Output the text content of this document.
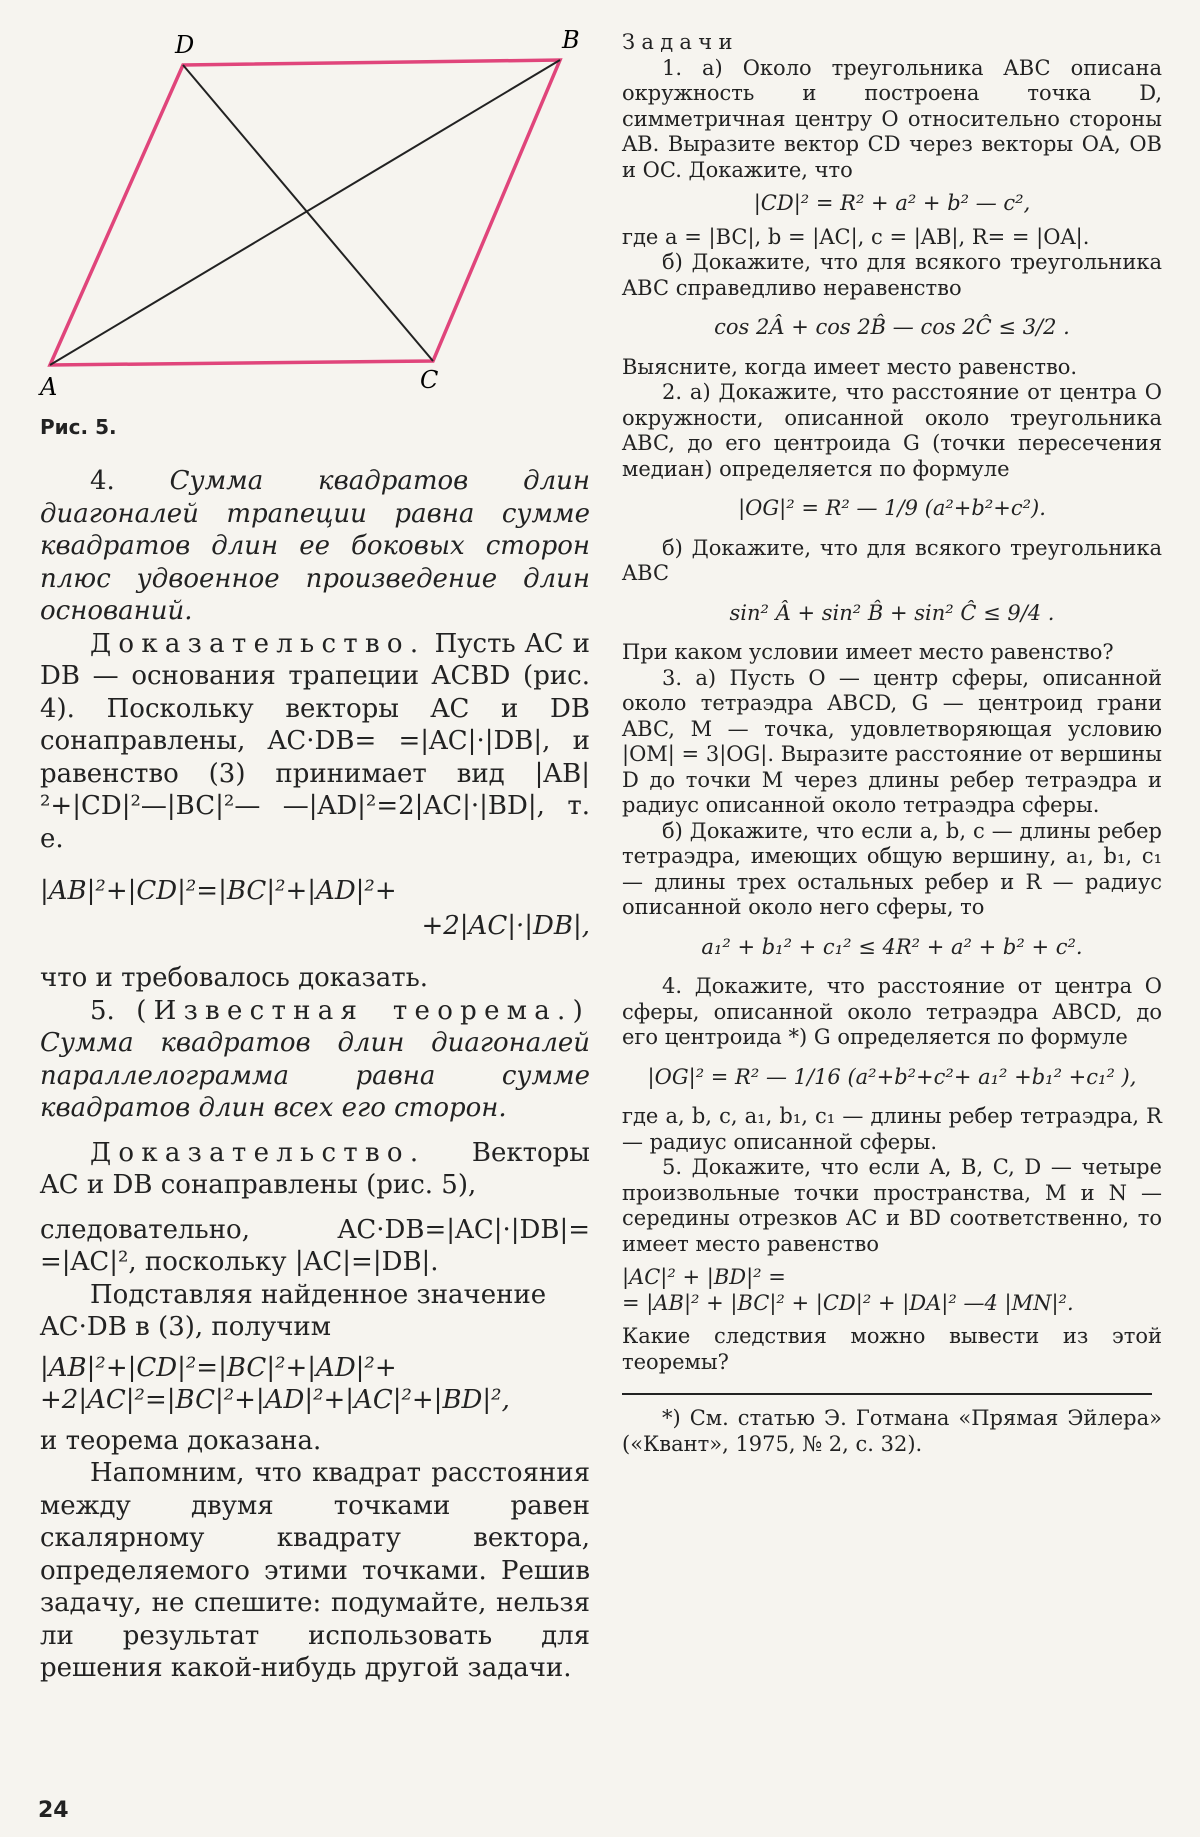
D	B
A	C
Рис. 5.

4. Сумма квадратов длин диагоналей трапеции равна сумме квадратов длин ее боковых сторон плюс удвоенное произведение длин оснований.

Доказательство. Пусть AC и DB — основания трапеции ACBD (рис. 4). Поскольку векторы AC и DB сонаправлены, AC·DB= =|AC|·|DB|, и равенство (3) принимает вид |AB|²+|CD|²—|BC|²— —|AD|²=2|AC|·|BD|, т. е.

|AB|²+|CD|²=|BC|²+|AD|²+

+2|AC|·|DB|,

что и требовалось доказать.

5. (Известная теорема.) Сумма квадратов длин диагоналей параллелограмма равна сумме квадратов длин всех его сторон.

Доказательство. Векторы AC и DB сонаправлены (рис. 5),

следовательно, AC·DB=|AC|·|DB|= =|AC|², поскольку |AC|=|DB|.

Подставляя найденное значение

AC·DB в (3), получим

|AB|²+|CD|²=|BC|²+|AD|²+

+2|AC|²=|BC|²+|AD|²+|AC|²+|BD|²,

и теорема доказана.

Напомним, что квадрат расстояния между двумя точками равен скалярному квадрату вектора, определяемого этими точками. Решив задачу, не спешите: подумайте, нельзя ли результат использовать для решения какой-нибудь другой задачи.

Задачи

1. а) Около треугольника ABC описана окружность и построена точка D, симметричная центру O относительно стороны AB. Выразите вектор CD через векторы OA, OB и OC. Докажите, что

|CD|² = R² + a² + b² — c²,

где a = |BC|, b = |AC|, c = |AB|, R= = |OA|.

б) Докажите, что для всякого треугольника ABC справедливо неравенство

cos 2Â + cos 2B̂ — cos 2Ĉ ≤ 3/2 .

Выясните, когда имеет место равенство.

2. а) Докажите, что расстояние от центра O окружности, описанной около треугольника ABC, до его центроида G (точки пересечения медиан) определяется по формуле

|OG|² = R² — 1/9 (a²+b²+c²).

б) Докажите, что для всякого треугольника ABC

sin² Â + sin² B̂ + sin² Ĉ ≤ 9/4 .

При каком условии имеет место равенство?

3. а) Пусть O — центр сферы, описанной около тетраэдра ABCD, G — центроид грани ABC, M — точка, удовлетворяющая условию |OM| = 3|OG|. Выразите расстояние от вершины D до точки M через длины ребер тетраэдра и радиус описанной около тетраэдра сферы.

б) Докажите, что если a, b, c — длины ребер тетраэдра, имеющих общую вершину, a₁, b₁, c₁ — длины трех остальных ребер и R — радиус описанной около него сферы, то

a₁² + b₁² + c₁² ≤ 4R² + a² + b² + c².

4. Докажите, что расстояние от центра O сферы, описанной около тетраэдра ABCD, до его центроида *) G определяется по формуле

|OG|² = R² — 1/16 (a²+b²+c²+ a₁² +b₁² +c₁² ),

где a, b, c, a₁, b₁, c₁ — длины ребер тетраэдра, R — радиус описанной сферы.

5. Докажите, что если A, B, C, D — четыре произвольные точки пространства, M и N — середины отрезков AC и BD соответственно, то имеет место равенство

|AC|² + |BD|² =

= |AB|² + |BC|² + |CD|² + |DA|² —4 |MN|².

Какие следствия можно вывести из этой теоремы?

*) См. статью Э. Готмана «Прямая Эйлера» («Квант», 1975, № 2, с. 32).

24
